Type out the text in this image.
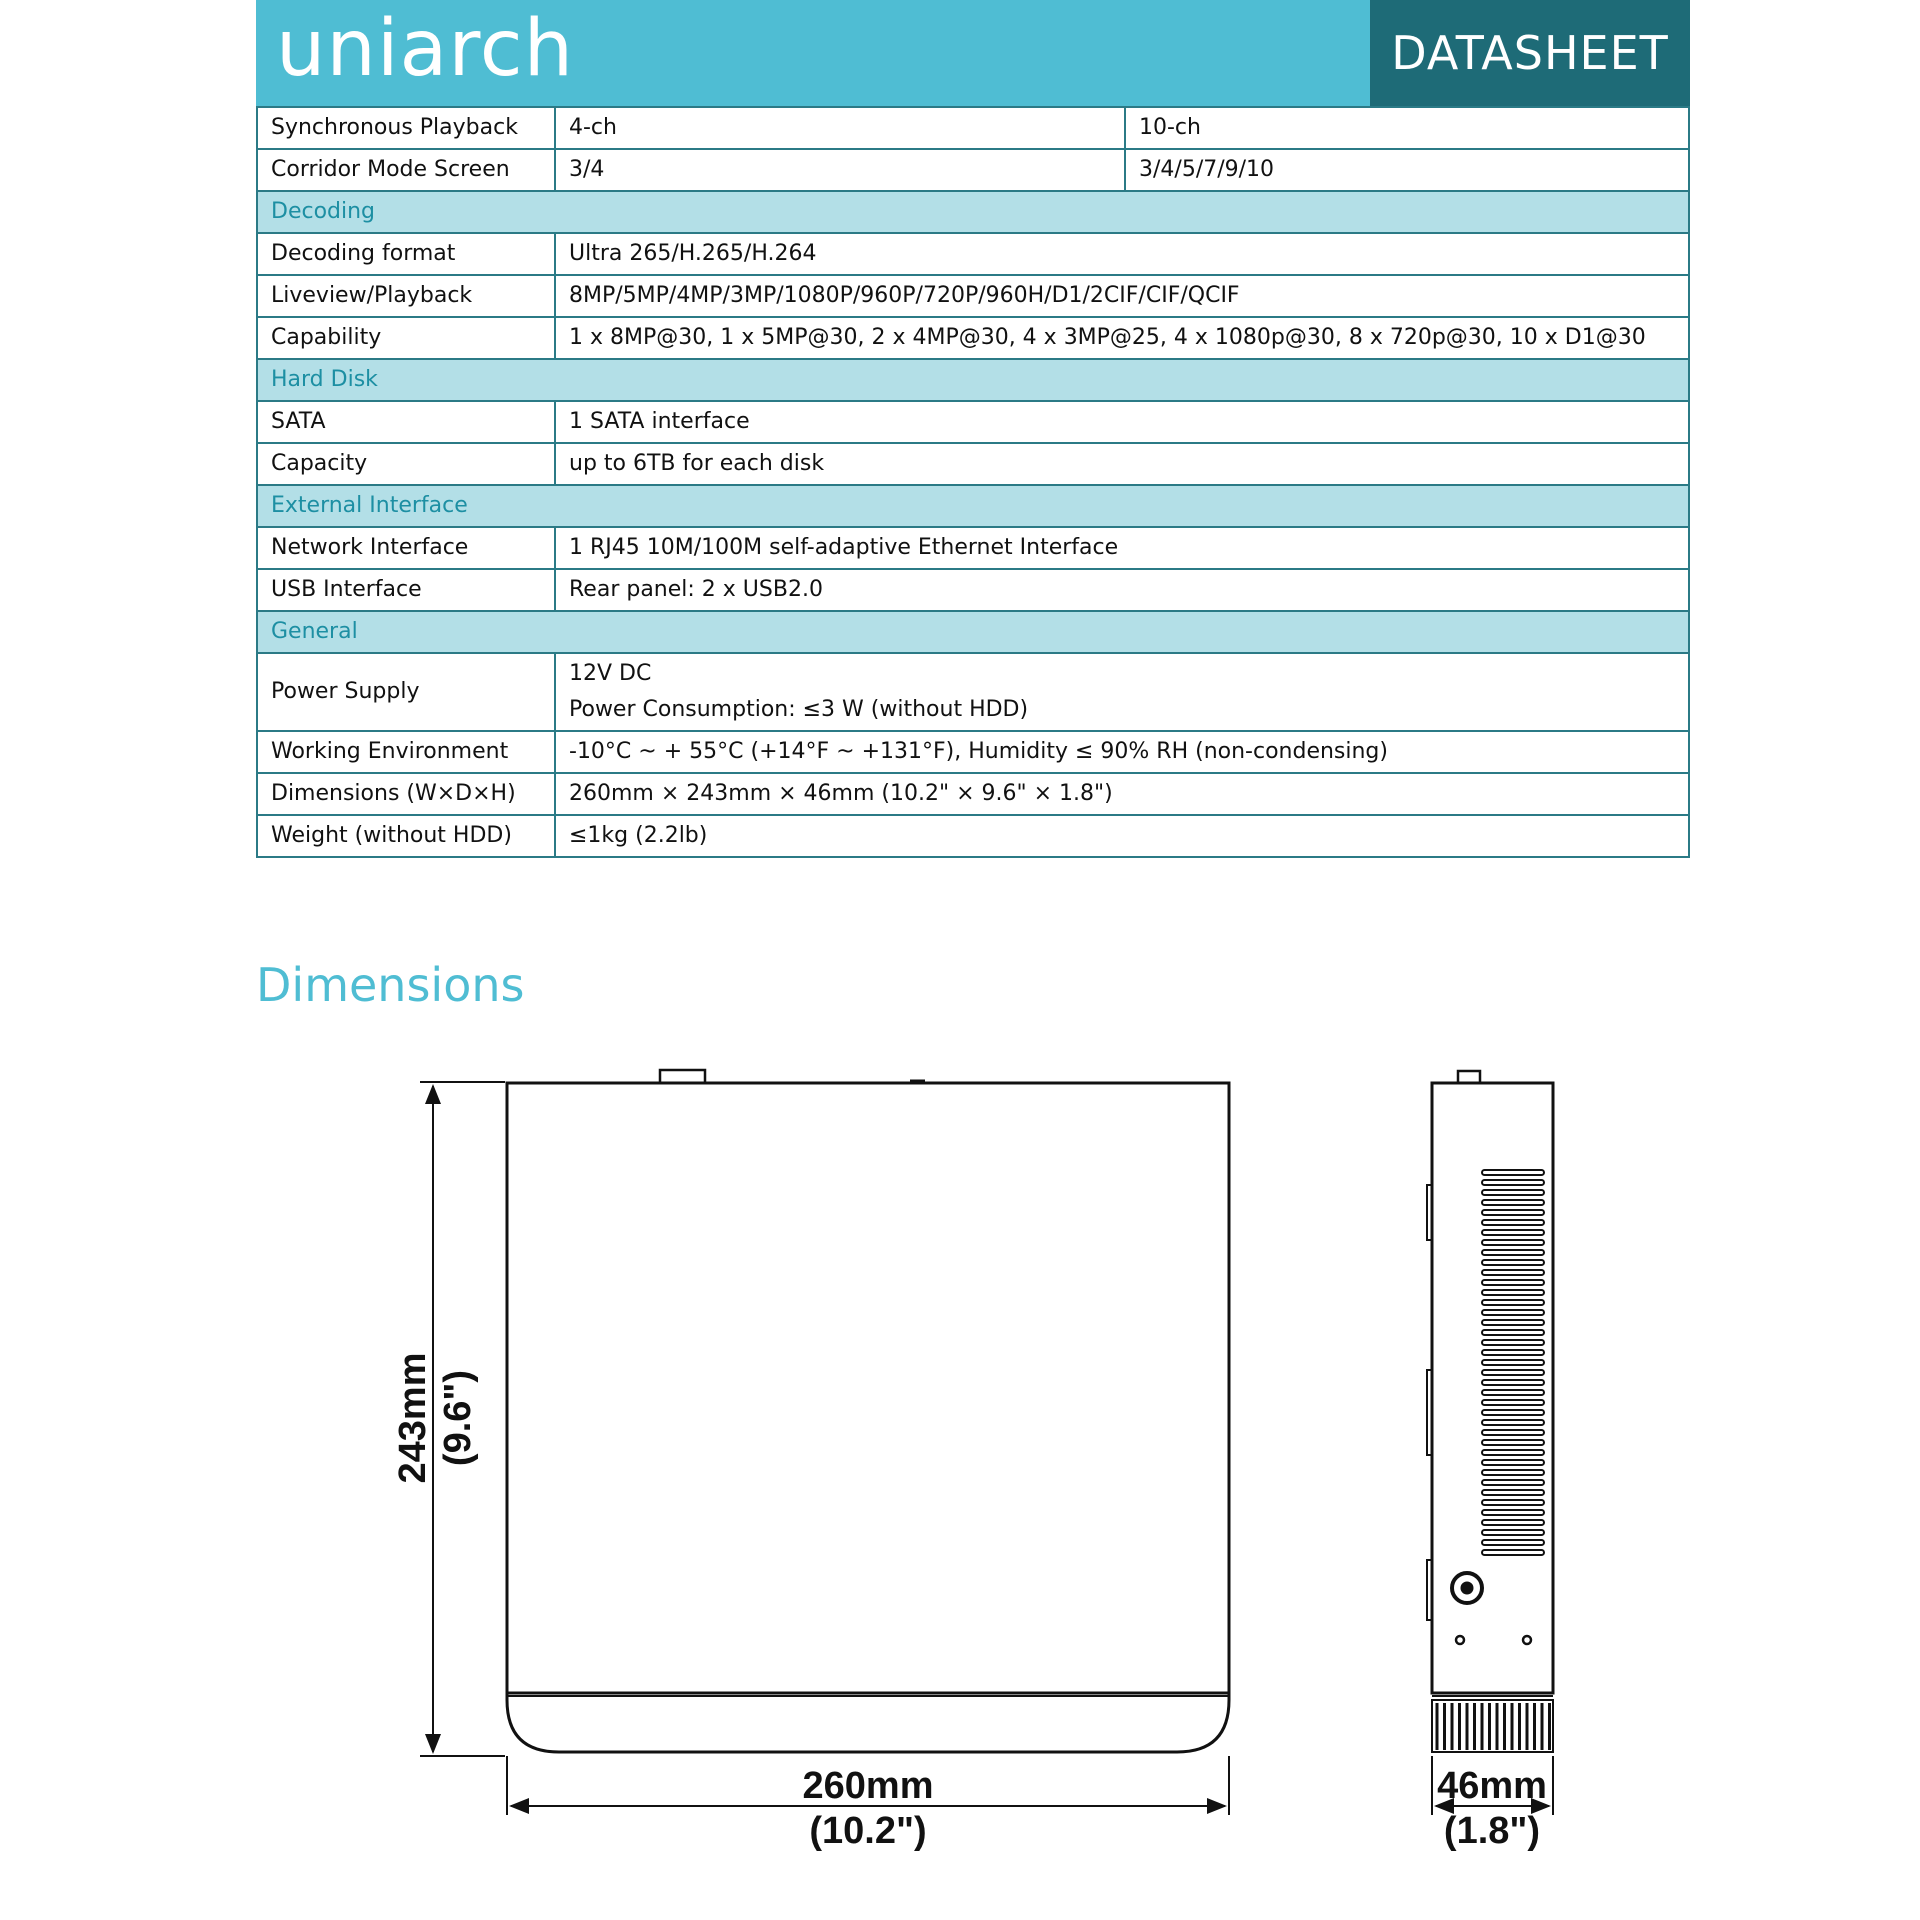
uniarch	DATASHEET
Synchronous Playback	4-ch	10-ch
Corridor Mode Screen	3/4	3/4/5/7/9/10
Decoding		
Decoding format	Ultra 265/H.265/H.264	
Liveview/Playback	8MP/5MP/4MP/3MP/1080P/960P/720P/960H/D1/2CIF/CIF/QCIF	
Capability	1 x 8MP@30, 1 x 5MP@30, 2 x 4MP@30, 4 x 3MP@25, 4 x 1080p@30, 8 x 720p@30, 10 x D1@30	
Hard Disk		
SATA	1 SATA interface	
Capacity	up to 6TB for each disk	
External Interface		
Network Interface	1 RJ45 10M/100M self-adaptive Ethernet Interface	
USB Interface	Rear panel: 2 x USB2.0	
General		
Power Supply	12V DC
Power Consumption: ≤3 W (without HDD)	

Working Environment	-10°C ~ + 55°C (+14°F ~ +131°F), Humidity ≤ 90% RH (non-condensing)	
Dimensions (W×D×H)	260mm × 243mm × 46mm (10.2" × 9.6" × 1.8")	
Weight (without HDD)	≤1kg (2.2lb)	
Dimensions
243mm (9.6")
260mm
(10.2")
46mm
(1.8")
